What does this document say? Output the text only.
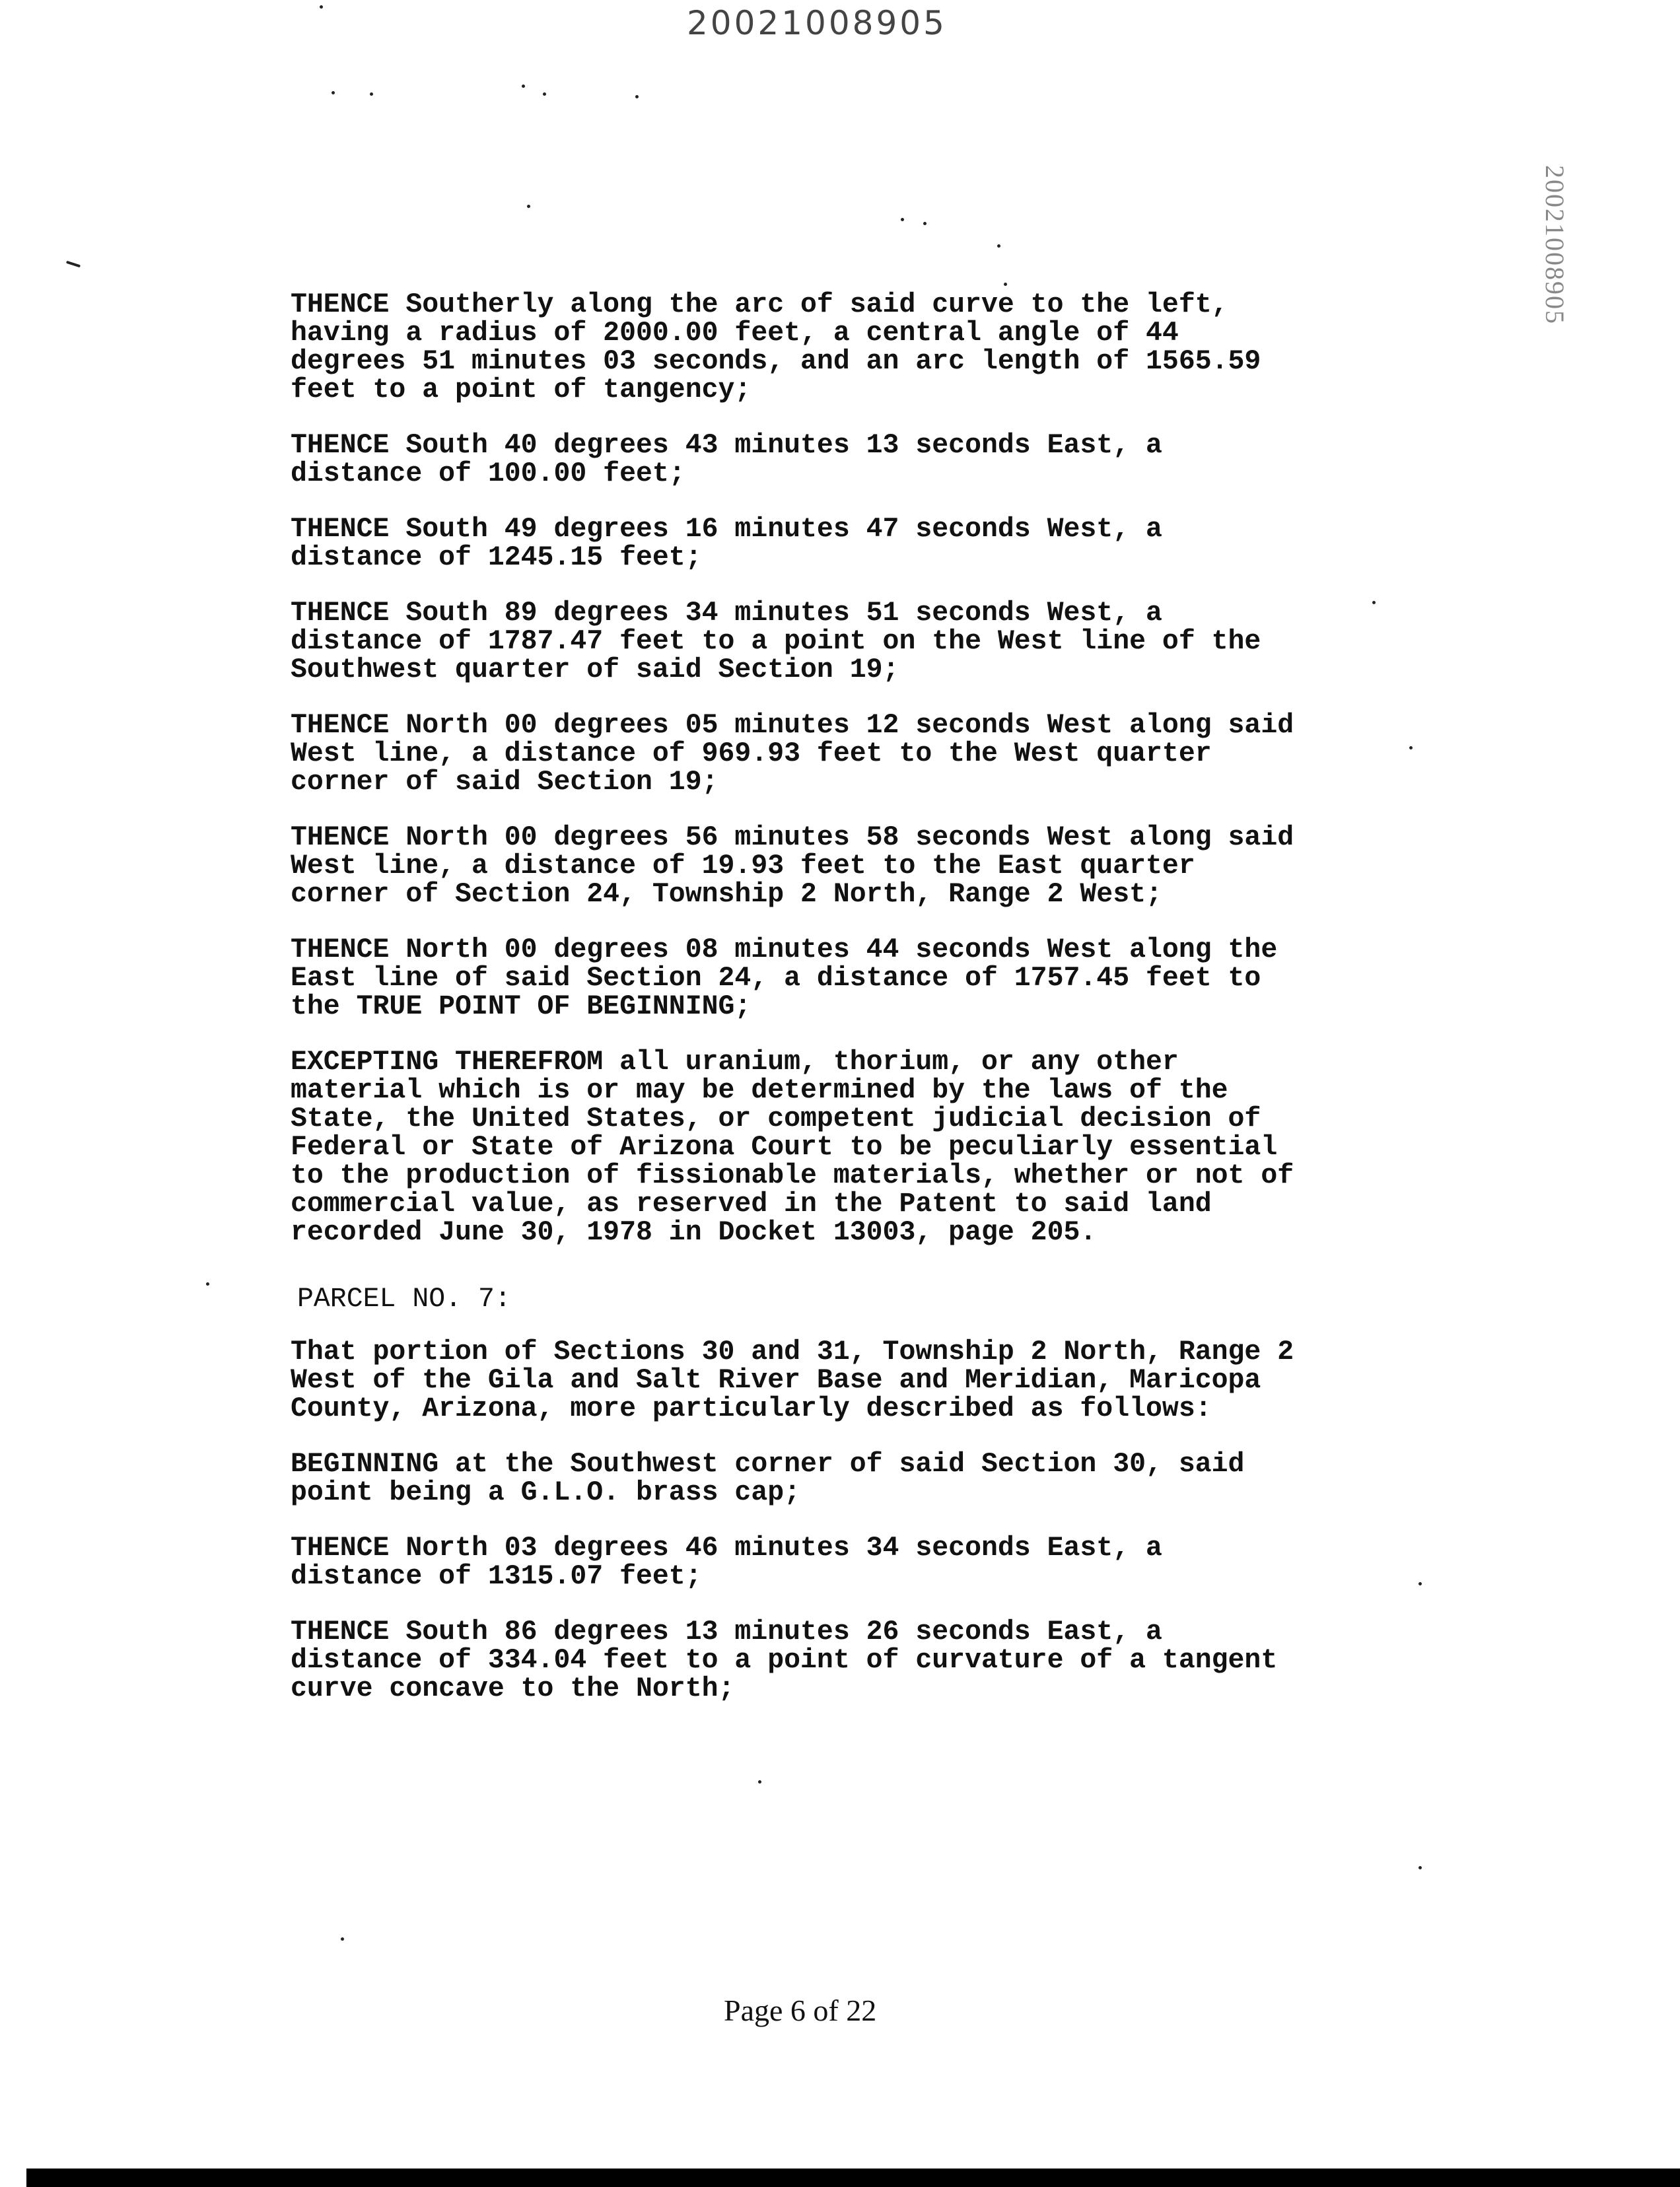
20021008905
20021008905

THENCE Southerly along the arc of said curve to the left,
having a radius of 2000.00 feet, a central angle of 44
degrees 51 minutes 03 seconds, and an arc length of 1565.59
feet to a point of tangency;

THENCE South 40 degrees 43 minutes 13 seconds East, a
distance of 100.00 feet;

THENCE South 49 degrees 16 minutes 47 seconds West, a
distance of 1245.15 feet;

THENCE South 89 degrees 34 minutes 51 seconds West, a
distance of 1787.47 feet to a point on the West line of the
Southwest quarter of said Section 19;

THENCE North 00 degrees 05 minutes 12 seconds West along said
West line, a distance of 969.93 feet to the West quarter
corner of said Section 19;

THENCE North 00 degrees 56 minutes 58 seconds West along said
West line, a distance of 19.93 feet to the East quarter
corner of Section 24, Township 2 North, Range 2 West;

THENCE North 00 degrees 08 minutes 44 seconds West along the
East line of said Section 24, a distance of 1757.45 feet to
the TRUE POINT OF BEGINNING;

EXCEPTING THEREFROM all uranium, thorium, or any other
material which is or may be determined by the laws of the
State, the United States, or competent judicial decision of
Federal or State of Arizona Court to be peculiarly essential
to the production of fissionable materials, whether or not of
commercial value, as reserved in the Patent to said land
recorded June 30, 1978 in Docket 13003, page 205.

PARCEL NO. 7:

That portion of Sections 30 and 31, Township 2 North, Range 2
West of the Gila and Salt River Base and Meridian, Maricopa
County, Arizona, more particularly described as follows:

BEGINNING at the Southwest corner of said Section 30, said
point being a G.L.O. brass cap;

THENCE North 03 degrees 46 minutes 34 seconds East, a
distance of 1315.07 feet;

THENCE South 86 degrees 13 minutes 26 seconds East, a
distance of 334.04 feet to a point of curvature of a tangent
curve concave to the North;

Page 6 of 22
